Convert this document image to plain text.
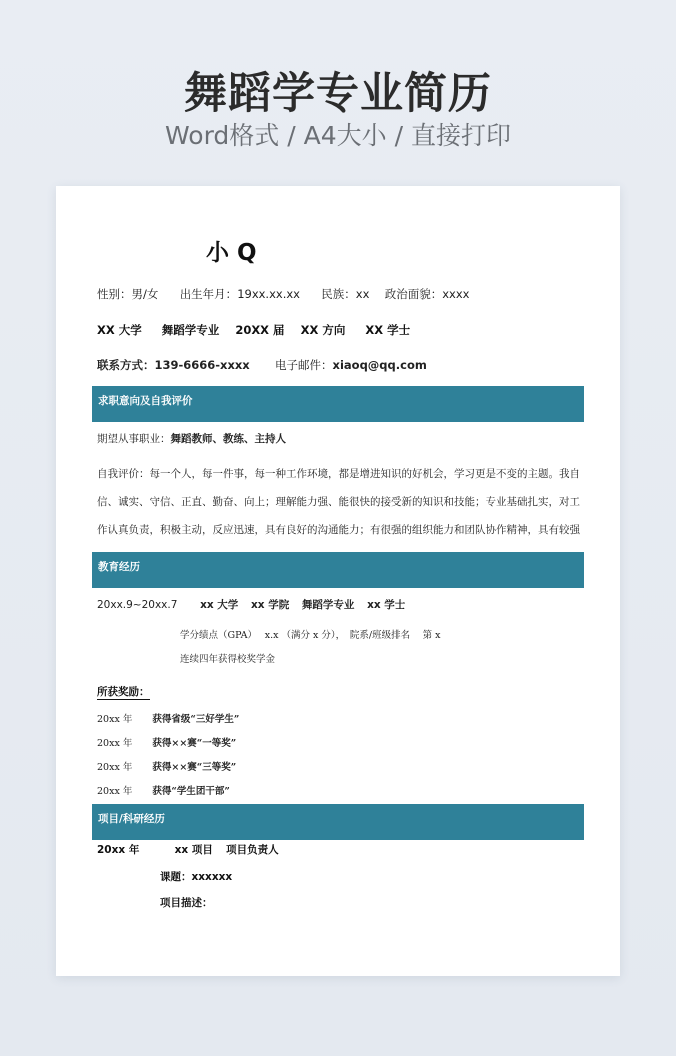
舞蹈学专业简历
Word格式 / A4大小 / 直接打印
小 Q
性别：男/女 出生年月：19xx.xx.xx 民族：xx 政治面貌：xxxx
XX 大学 舞蹈学专业 20XX 届 XX 方向 XX 学士
联系方式：139-6666-xxxx 电子邮件：xiaoq@qq.com
求职意向及自我评价
期望从事职业：舞蹈教师、教练、主持人
自我评价：每一个人，每一件事，每一种工作环境，都是增进知识的好机会，学习更是不变的主题。我自信、诚实、守信、正直、勤奋、向上；理解能力强、能很快的接受新的知识和技能；专业基础扎实，对工作认真负责，积极主动，反应迅速，具有良好的沟通能力；有很强的组织能力和团队协作精神，具有较强
教育经历
20xx.9~20xx.7 xx 大学 xx 学院 舞蹈学专业 xx 学士
学分绩点（GPA）　 x.x （满分 x 分），　院系/班级排名　 第 x
连续四年获得校奖学金
所获奖励：
20xx 年 获得省级“三好学生”
20xx 年 获得××赛“一等奖”
20xx 年 获得××赛“三等奖”
20xx 年 获得“学生团干部”
项目/科研经历
20xx 年	xx 项目 项目负责人
课题：xxxxxx
项目描述：
